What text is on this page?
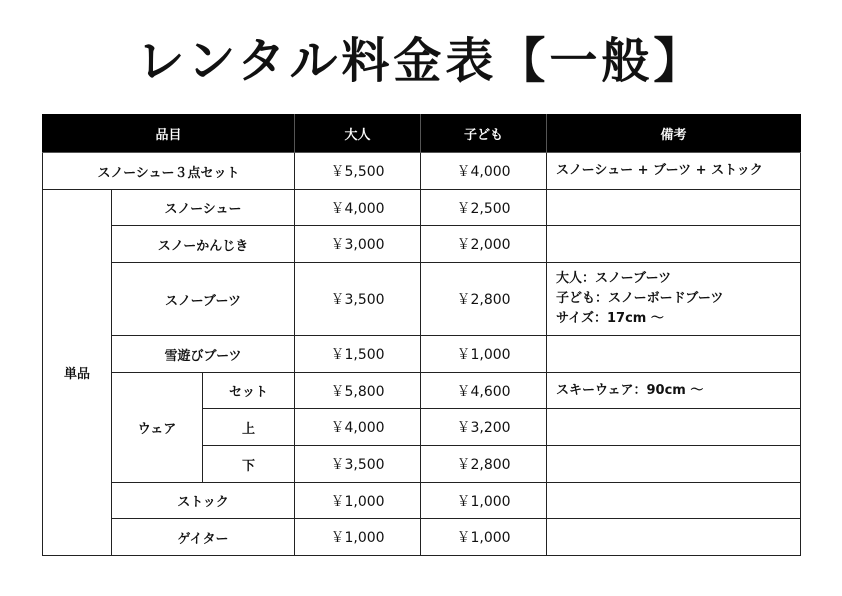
レンタル料金表【一般】
品目			大人	子ども	備考
スノーシュー３点セット			￥5,500	￥4,000	スノーシュー + ブーツ + ストック
単品	スノーシュー		￥4,000	￥2,500	
	スノーかんじき		￥3,000	￥2,000	
	スノーブーツ		￥3,500	￥2,800	大人：スノーブーツ
子ども：スノーボードブーツ
サイズ：17cm ～

	雪遊びブーツ		￥1,500	￥1,000	
	ウェア	セット	￥5,800	￥4,600	スキーウェア：90cm ～
		上	￥4,000	￥3,200	
		下	￥3,500	￥2,800	
	ストック		￥1,000	￥1,000	
	ゲイター		￥1,000	￥1,000	
